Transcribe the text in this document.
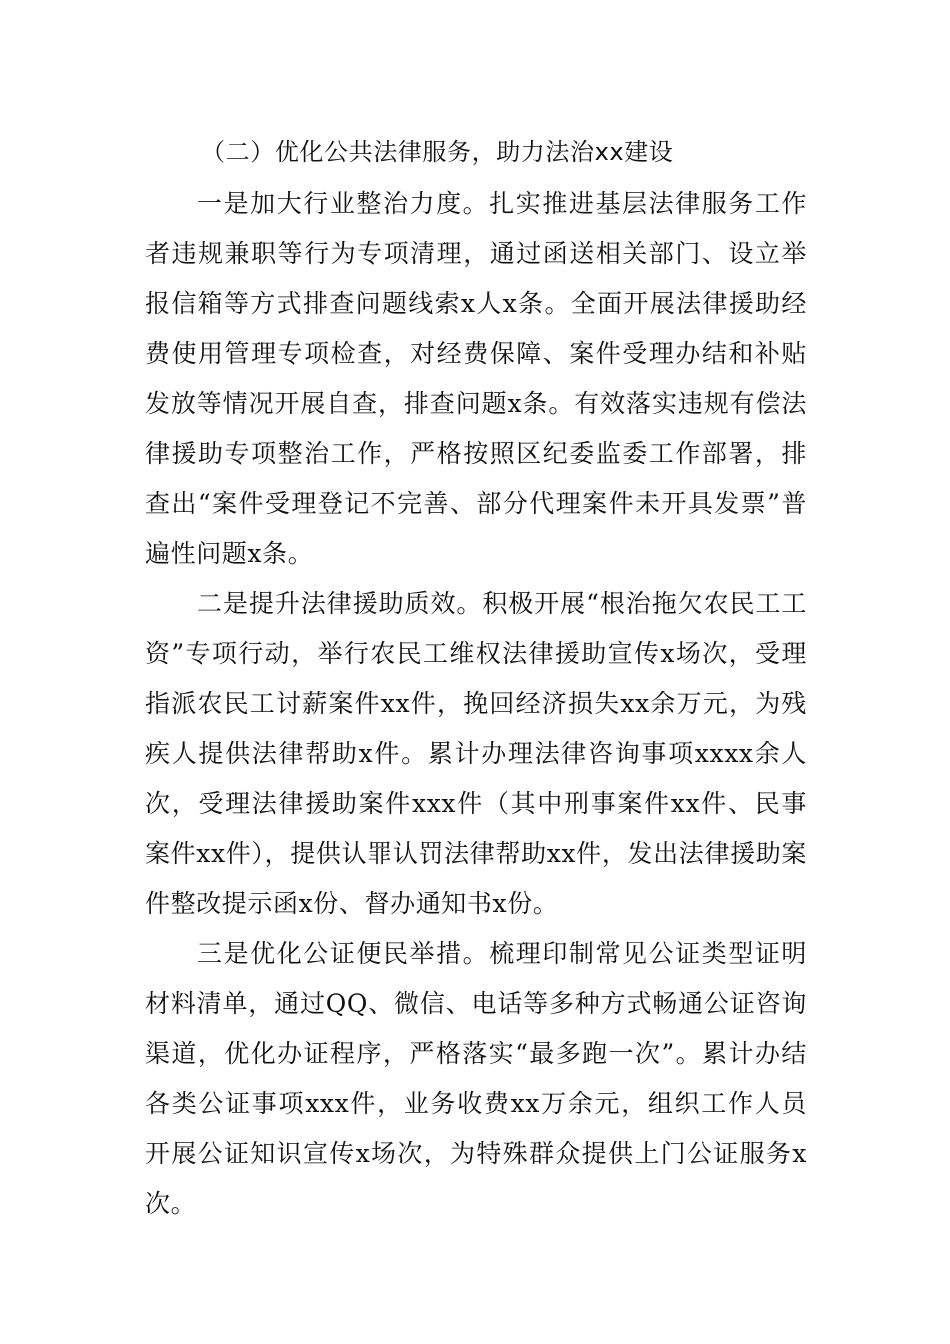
（二）优化公共法律服务，助力法治xx建设

一是加大行业整治力度。扎实推进基层法律服务工作者违规兼职等行为专项清理，通过函送相关部门、设立举报信箱等方式排查问题线索x人x条。全面开展法律援助经费使用管理专项检查，对经费保障、案件受理办结和补贴发放等情况开展自查，排查问题x条。有效落实违规有偿法律援助专项整治工作，严格按照区纪委监委工作部署，排查出“案件受理登记不完善、部分代理案件未开具发票”普遍性问题x条。

二是提升法律援助质效。积极开展“根治拖欠农民工工资”专项行动，举行农民工维权法律援助宣传x场次，受理指派农民工讨薪案件xx件，挽回经济损失xx余万元，为残疾人提供法律帮助x件。累计办理法律咨询事项xxxx余人次，受理法律援助案件xxx件（其中刑事案件xx件、民事案件xx件），提供认罪认罚法律帮助xx件，发出法律援助案件整改提示函x份、督办通知书x份。

三是优化公证便民举措。梳理印制常见公证类型证明材料清单，通过QQ、微信、电话等多种方式畅通公证咨询渠道，优化办证程序，严格落实“最多跑一次”。累计办结各类公证事项xxx件，业务收费xx万余元，组织工作人员开展公证知识宣传x场次，为特殊群众提供上门公证服务x次。
